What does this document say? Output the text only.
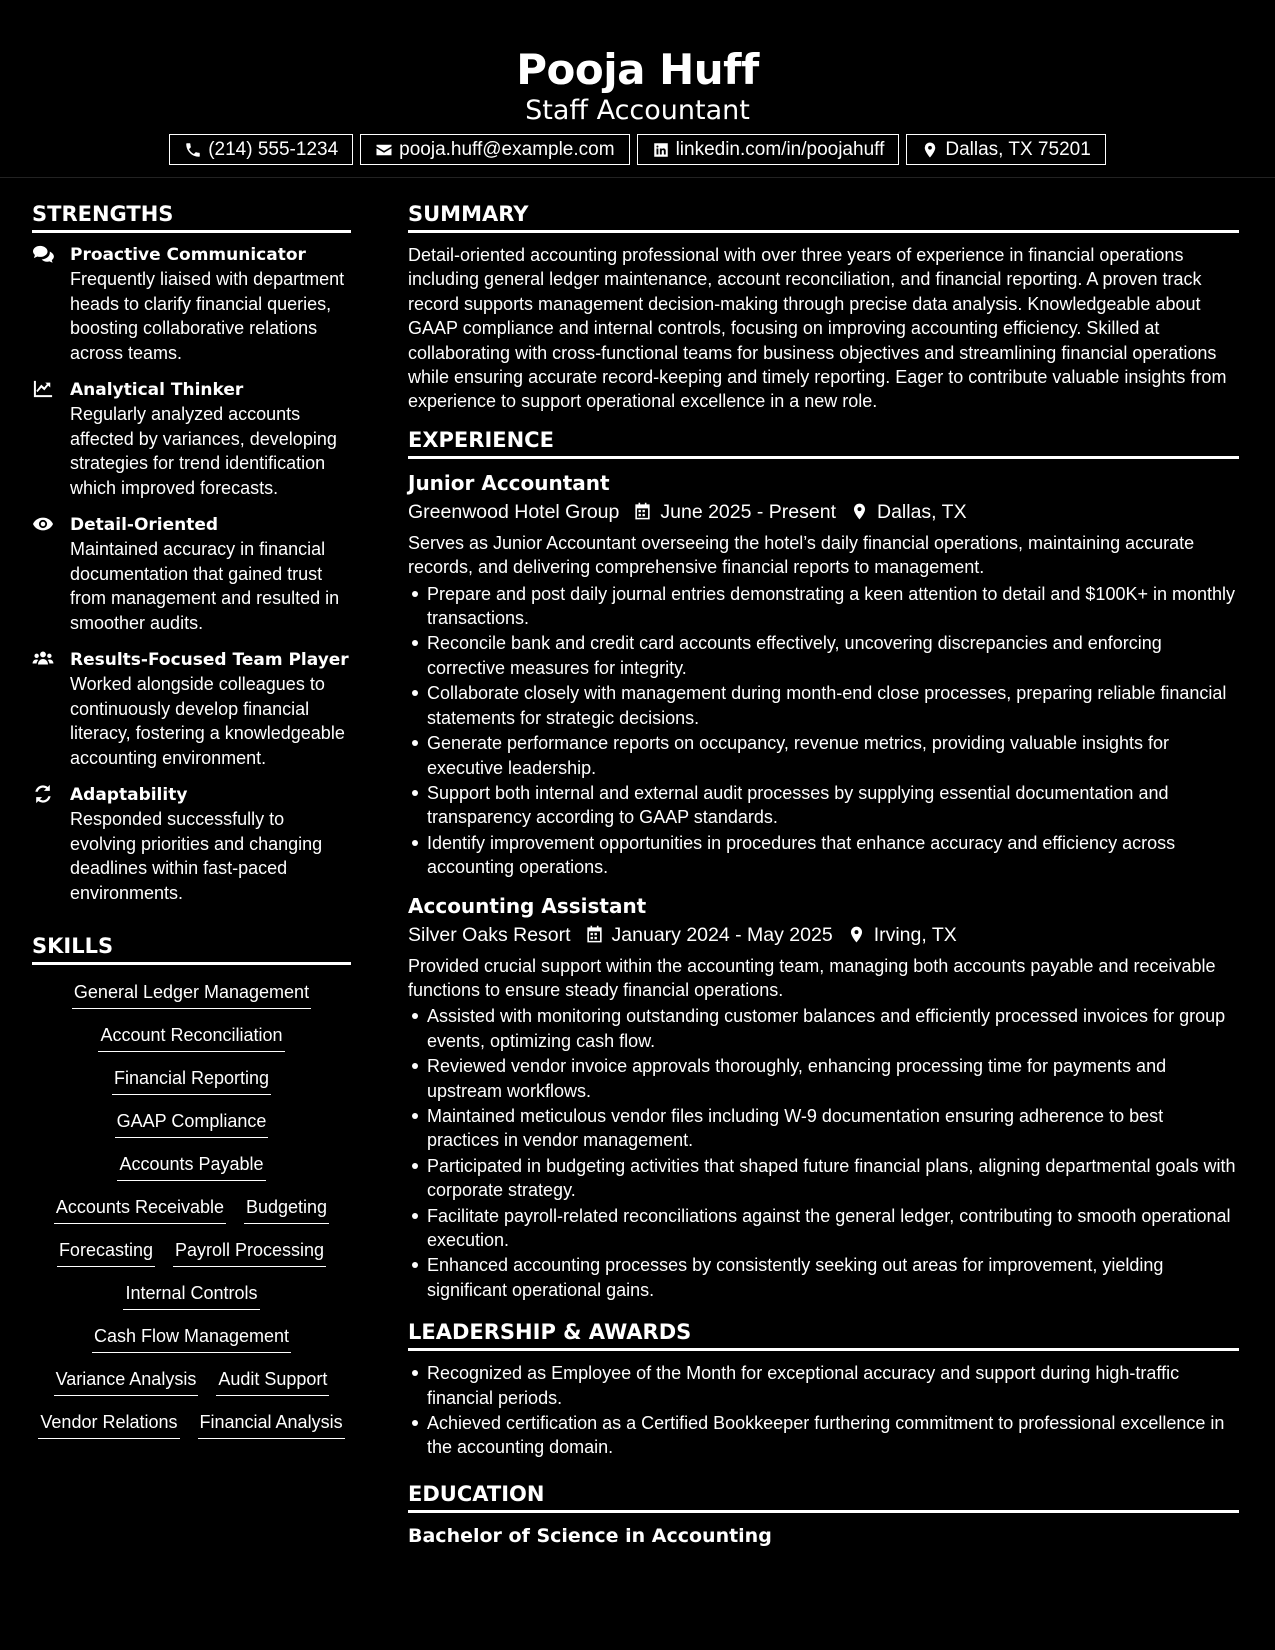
Pooja Huff
Staff Accountant
(214) 555-1234	pooja.huff@example.com	linkedin.com/in/poojahuff	Dallas, TX 75201
STRENGTHS
Proactive Communicator
Frequently liaised with department heads to clarify financial queries, boosting collaborative relations across teams.
Analytical Thinker
Regularly analyzed accounts affected by variances, developing strategies for trend identification which improved forecasts.
Detail-Oriented
Maintained accuracy in financial documentation that gained trust from management and resulted in smoother audits.
Results-Focused Team Player
Worked alongside colleagues to continuously develop financial literacy, fostering a knowledgeable accounting environment.
Adaptability
Responded successfully to evolving priorities and changing deadlines within fast-paced environments.
SKILLS
General Ledger Management
Account Reconciliation
Financial Reporting
GAAP Compliance
Accounts Payable
Accounts Receivable Budgeting
Forecasting Payroll Processing
Internal Controls
Cash Flow Management
Variance Analysis Audit Support
Vendor Relations Financial Analysis
SUMMARY
Detail-oriented accounting professional with over three years of experience in financial operations including general ledger maintenance, account reconciliation, and financial reporting. A proven track record supports management decision-making through precise data analysis. Knowledgeable about GAAP compliance and internal controls, focusing on improving accounting efficiency. Skilled at collaborating with cross-functional teams for business objectives and streamlining financial operations while ensuring accurate record-keeping and timely reporting. Eager to contribute valuable insights from experience to support operational excellence in a new role.
EXPERIENCE
Junior Accountant
Greenwood Hotel Group June 2025 - Present Dallas, TX
Serves as Junior Accountant overseeing the hotel’s daily financial operations, maintaining accurate records, and delivering comprehensive financial reports to management.
Prepare and post daily journal entries demonstrating a keen attention to detail and $100K+ in monthly transactions.
Reconcile bank and credit card accounts effectively, uncovering discrepancies and enforcing corrective measures for integrity.
Collaborate closely with management during month-end close processes, preparing reliable financial statements for strategic decisions.
Generate performance reports on occupancy, revenue metrics, providing valuable insights for executive leadership.
Support both internal and external audit processes by supplying essential documentation and transparency according to GAAP standards.
Identify improvement opportunities in procedures that enhance accuracy and efficiency across accounting operations.
Accounting Assistant
Silver Oaks Resort January 2024 - May 2025 Irving, TX
Provided crucial support within the accounting team, managing both accounts payable and receivable functions to ensure steady financial operations.
Assisted with monitoring outstanding customer balances and efficiently processed invoices for group events, optimizing cash flow.
Reviewed vendor invoice approvals thoroughly, enhancing processing time for payments and upstream workflows.
Maintained meticulous vendor files including W-9 documentation ensuring adherence to best practices in vendor management.
Participated in budgeting activities that shaped future financial plans, aligning departmental goals with corporate strategy.
Facilitate payroll-related reconciliations against the general ledger, contributing to smooth operational execution.
Enhanced accounting processes by consistently seeking out areas for improvement, yielding significant operational gains.
LEADERSHIP & AWARDS
Recognized as Employee of the Month for exceptional accuracy and support during high-traffic financial periods.
Achieved certification as a Certified Bookkeeper furthering commitment to professional excellence in the accounting domain.
EDUCATION
Bachelor of Science in Accounting
